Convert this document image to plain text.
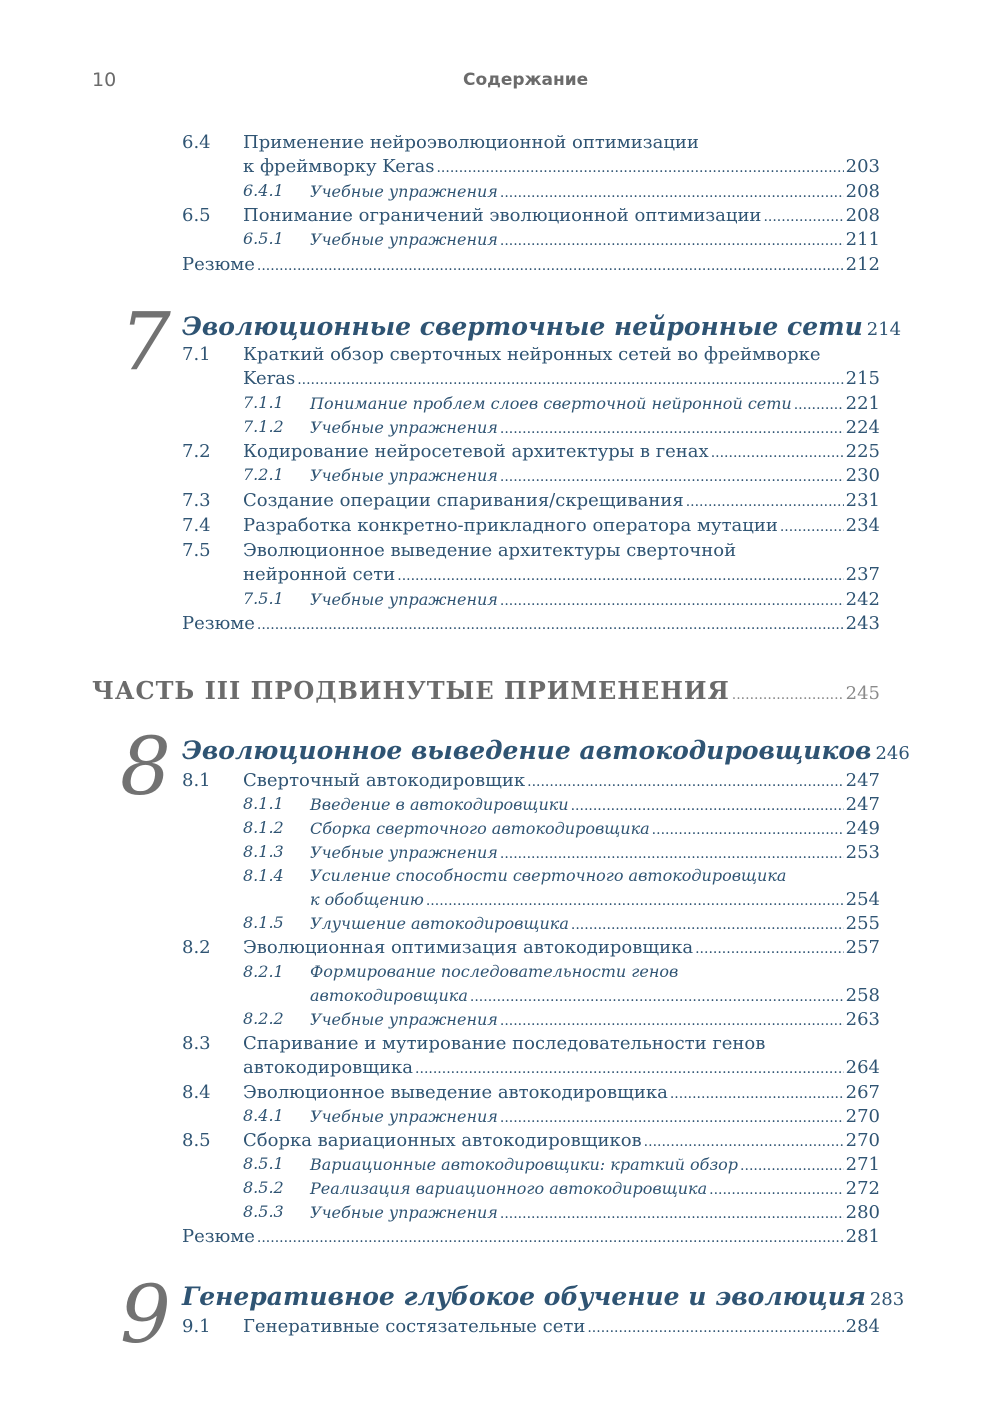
10	Содержание
6.4 Применение нейроэволюционной оптимизации
к фреймворку Keras .....	203
6.4.1 Учебные упражнения .....	208
6.5 Понимание ограничений эволюционной оптимизации .....	208
6.5.1 Учебные упражнения .....	211
Резюме .....	212
7 Эволюционные сверточные нейронные сети 214
7.1 Краткий обзор сверточных нейронных сетей во фреймворке
Keras .....	215
7.1.1 Понимание проблем слоев сверточной нейронной сети .....	221
7.1.2 Учебные упражнения .....	224
7.2 Кодирование нейросетевой архитектуры в генах .....	225
7.2.1 Учебные упражнения .....	230
7.3 Создание операции спаривания/скрещивания .....	231
7.4 Разработка конкретно-прикладного оператора мутации .....	234
7.5 Эволюционное выведение архитектуры сверточной
нейронной сети .....	237
7.5.1 Учебные упражнения .....	242
Резюме .....	243
ЧАСТЬ III ПРОДВИНУТЫЕ ПРИМЕНЕНИЯ .....	245
8 Эволюционное выведение автокодировщиков 246
8.1 Сверточный автокодировщик .....	247
8.1.1 Введение в автокодировщики .....	247
8.1.2 Сборка сверточного автокодировщика .....	249
8.1.3 Учебные упражнения .....	253
8.1.4 Усиление способности сверточного автокодировщика
к обобщению .....	254
8.1.5 Улучшение автокодировщика .....	255
8.2 Эволюционная оптимизация автокодировщика .....	257
8.2.1 Формирование последовательности генов
автокодировщика .....	258
8.2.2 Учебные упражнения .....	263
8.3 Спаривание и мутирование последовательности генов
автокодировщика .....	264
8.4 Эволюционное выведение автокодировщика .....	267
8.4.1 Учебные упражнения .....	270
8.5 Сборка вариационных автокодировщиков .....	270
8.5.1 Вариационные автокодировщики: краткий обзор .....	271
8.5.2 Реализация вариационного автокодировщика .....	272
8.5.3 Учебные упражнения .....	280
Резюме .....	281
9 Генеративное глубокое обучение и эволюция 283
9.1 Генеративные состязательные сети .....	284
